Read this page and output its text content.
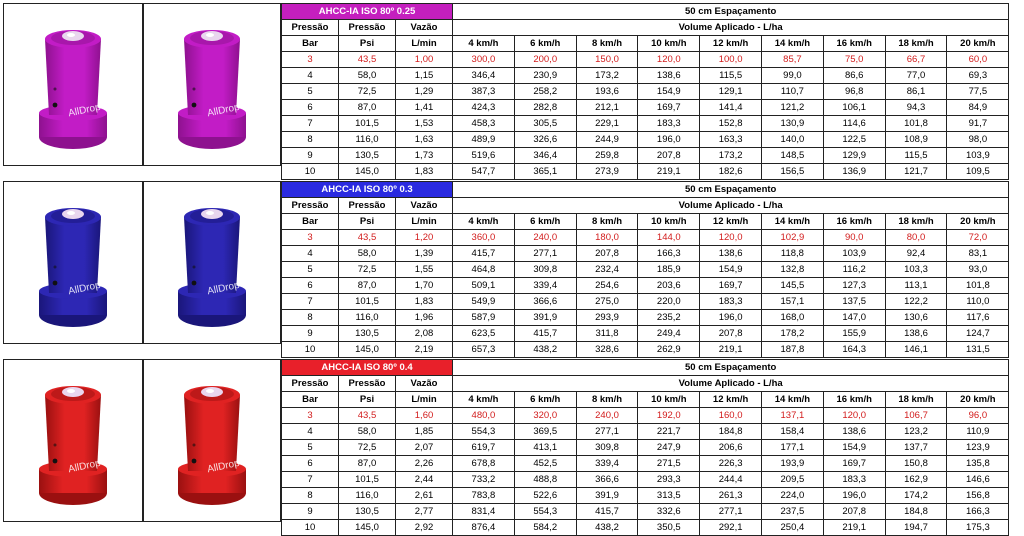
AllDrop	AllDrop
AHCC-IA ISO 80º 0.25			50 cm Espaçamento								
Pressão	Pressão	Vazão	Volume Aplicado - L/ha								
Bar	Psi	L/min	4 km/h	6 km/h	8 km/h	10 km/h	12 km/h	14 km/h	16 km/h	18 km/h	20 km/h
3	43,5	1,00	300,0	200,0	150,0	120,0	100,0	85,7	75,0	66,7	60,0
4	58,0	1,15	346,4	230,9	173,2	138,6	115,5	99,0	86,6	77,0	69,3
5	72,5	1,29	387,3	258,2	193,6	154,9	129,1	110,7	96,8	86,1	77,5
6	87,0	1,41	424,3	282,8	212,1	169,7	141,4	121,2	106,1	94,3	84,9
7	101,5	1,53	458,3	305,5	229,1	183,3	152,8	130,9	114,6	101,8	91,7
8	116,0	1,63	489,9	326,6	244,9	196,0	163,3	140,0	122,5	108,9	98,0
9	130,5	1,73	519,6	346,4	259,8	207,8	173,2	148,5	129,9	115,5	103,9
10	145,0	1,83	547,7	365,1	273,9	219,1	182,6	156,5	136,9	121,7	109,5
AllDrop	AllDrop
AHCC-IA ISO 80º 0.3			50 cm Espaçamento								
Pressão	Pressão	Vazão	Volume Aplicado - L/ha								
Bar	Psi	L/min	4 km/h	6 km/h	8 km/h	10 km/h	12 km/h	14 km/h	16 km/h	18 km/h	20 km/h
3	43,5	1,20	360,0	240,0	180,0	144,0	120,0	102,9	90,0	80,0	72,0
4	58,0	1,39	415,7	277,1	207,8	166,3	138,6	118,8	103,9	92,4	83,1
5	72,5	1,55	464,8	309,8	232,4	185,9	154,9	132,8	116,2	103,3	93,0
6	87,0	1,70	509,1	339,4	254,6	203,6	169,7	145,5	127,3	113,1	101,8
7	101,5	1,83	549,9	366,6	275,0	220,0	183,3	157,1	137,5	122,2	110,0
8	116,0	1,96	587,9	391,9	293,9	235,2	196,0	168,0	147,0	130,6	117,6
9	130,5	2,08	623,5	415,7	311,8	249,4	207,8	178,2	155,9	138,6	124,7
10	145,0	2,19	657,3	438,2	328,6	262,9	219,1	187,8	164,3	146,1	131,5
AllDrop	AllDrop
AHCC-IA ISO 80º 0.4			50 cm Espaçamento								
Pressão	Pressão	Vazão	Volume Aplicado - L/ha								
Bar	Psi	L/min	4 km/h	6 km/h	8 km/h	10 km/h	12 km/h	14 km/h	16 km/h	18 km/h	20 km/h
3	43,5	1,60	480,0	320,0	240,0	192,0	160,0	137,1	120,0	106,7	96,0
4	58,0	1,85	554,3	369,5	277,1	221,7	184,8	158,4	138,6	123,2	110,9
5	72,5	2,07	619,7	413,1	309,8	247,9	206,6	177,1	154,9	137,7	123,9
6	87,0	2,26	678,8	452,5	339,4	271,5	226,3	193,9	169,7	150,8	135,8
7	101,5	2,44	733,2	488,8	366,6	293,3	244,4	209,5	183,3	162,9	146,6
8	116,0	2,61	783,8	522,6	391,9	313,5	261,3	224,0	196,0	174,2	156,8
9	130,5	2,77	831,4	554,3	415,7	332,6	277,1	237,5	207,8	184,8	166,3
10	145,0	2,92	876,4	584,2	438,2	350,5	292,1	250,4	219,1	194,7	175,3
